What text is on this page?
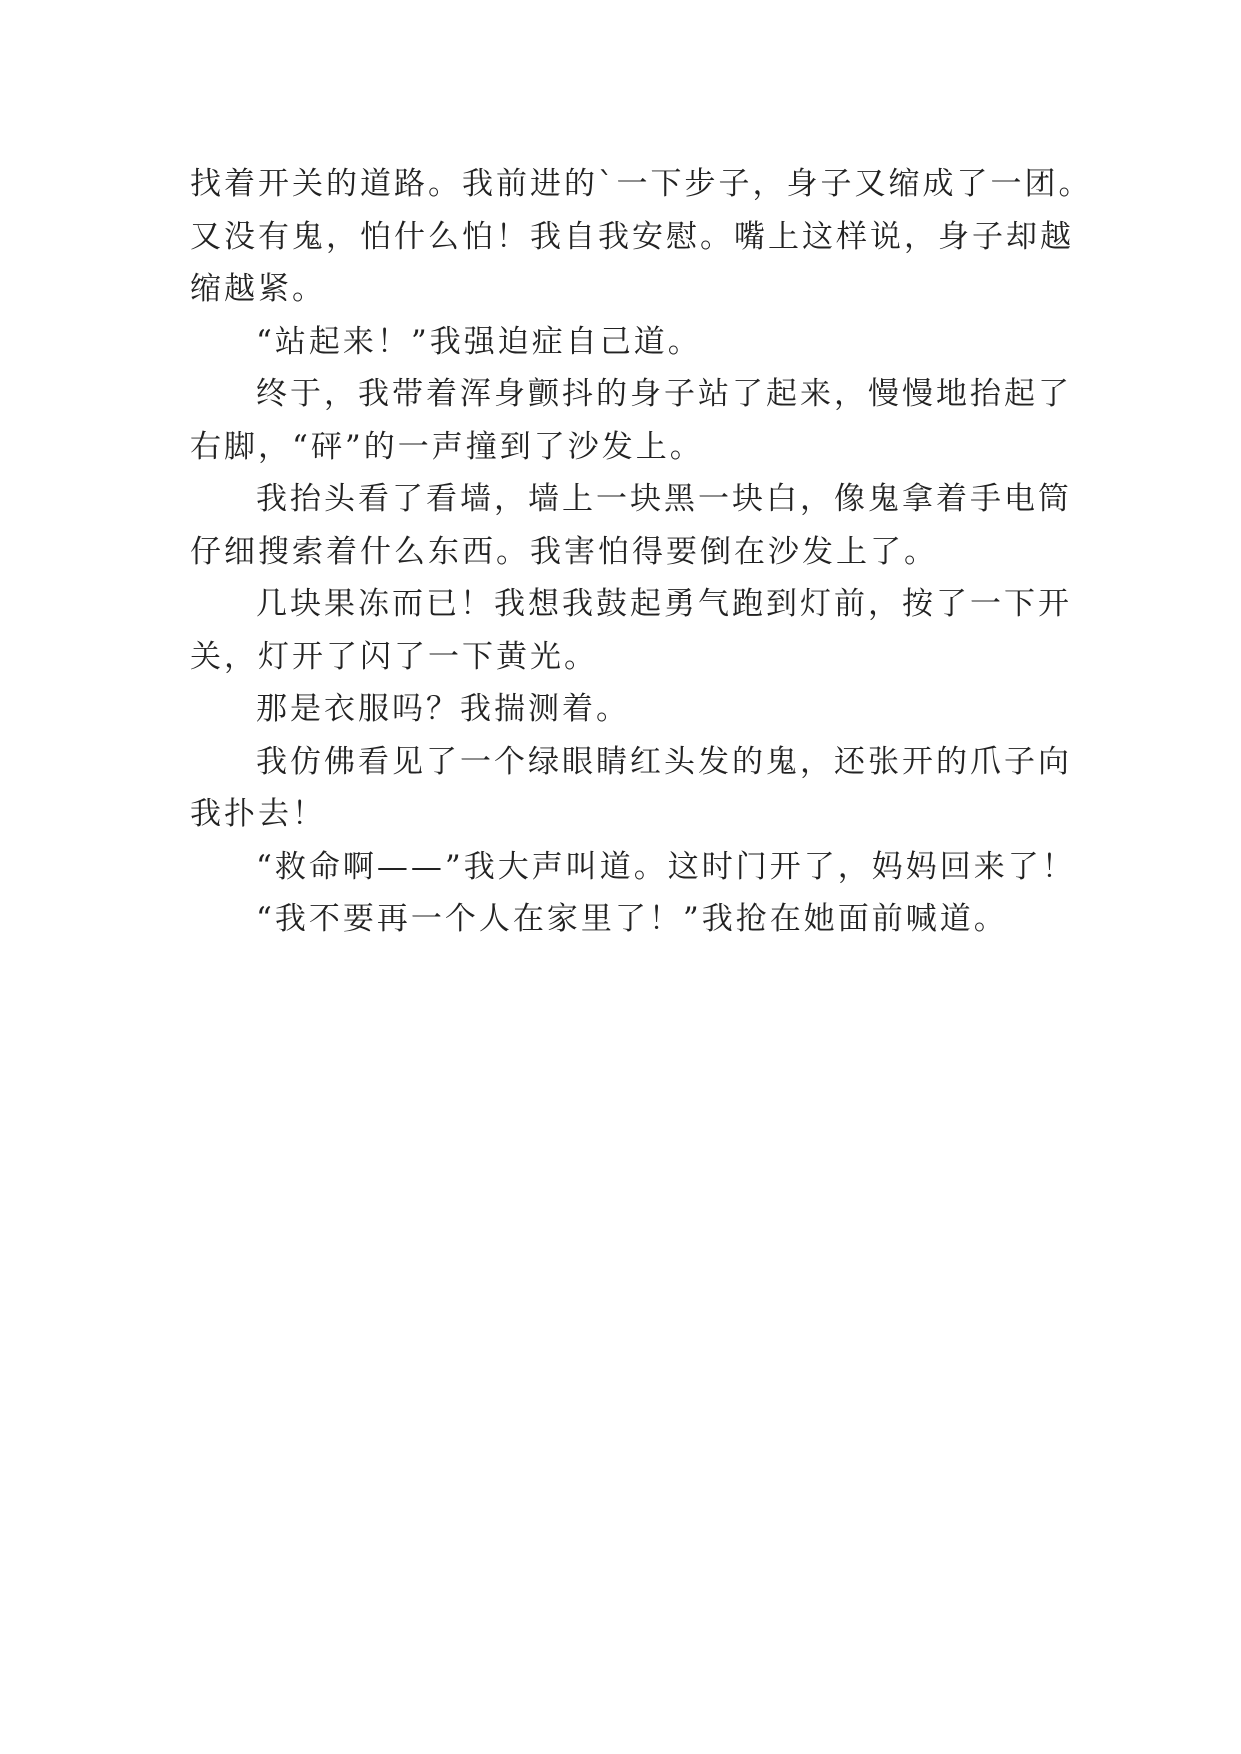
找着开关的道路。我前进的`一下步子，身子又缩成了一团。
又没有鬼，怕什么怕！我自我安慰。嘴上这样说，身子却越
缩越紧。

“站起来！”我强迫症自己道。

终于，我带着浑身颤抖的身子站了起来，慢慢地抬起了
右脚，“砰”的一声撞到了沙发上。

我抬头看了看墙，墙上一块黑一块白，像鬼拿着手电筒
仔细搜索着什么东西。我害怕得要倒在沙发上了。

几块果冻而已！我想我鼓起勇气跑到灯前，按了一下开
关，灯开了闪了一下黄光。

那是衣服吗？我揣测着。

我仿佛看见了一个绿眼睛红头发的鬼，还张开的爪子向
我扑去！

“救命啊——”我大声叫道。这时门开了，妈妈回来了！

“我不要再一个人在家里了！”我抢在她面前喊道。
